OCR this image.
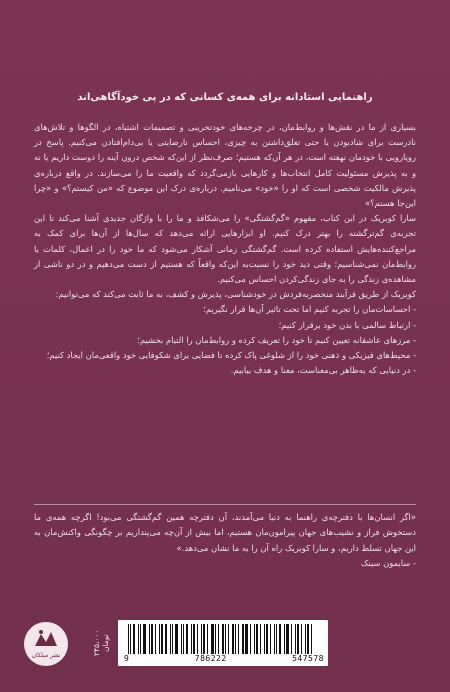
راهنمایی استادانه برای همه‌ی کسانی که در پی خودآگاهی‌اند

بسیاری از ما در نقش‌ها و روابط‌مان، در چرخه‌های خودتخریبی و تصمیمات اشتباه، در الگوها و تلاش‌های نادرست برای شادبودن یا حتی تعلق‌داشتن به چیزی، احساس نارضایتی یا بی‌دام‌افتادن می‌کنیم. پاسخ در رویارویی با خودمان نهفته است، در هر آن‌که هستیم؛ صرف‌نظر از این‌که شخص درون آینه را دوست داریم یا نه و به پذیرش مسئولیت کامل انتخاب‌ها و کارهایی بازمی‌گردد که واقعیت ما را می‌سازند. در واقع درباره‌ی پذیرش مالکیت شخصی است که او را «خود» می‌نامیم. درباره‌ی درک این موضوع که «من کیستم؟» و «چرا این‌جا هستم؟»

سارا کوبریک در این کتاب، مفهوم «گم‌گشتگی» را می‌شکافد و ما را با واژگان جدیدی آشنا می‌کند تا این تجربه‌ی گم‌ترگشته را بهتر درک کنیم. او ابزارهایی ارائه می‌دهد که سال‌ها از آن‌ها برای کمک به مراجع‌کننده‌هایش استفاده کرده است. گم‌گشتگی زمانی آشکار می‌شود که ما خود را در اعمال، کلمات یا روابط‌مان نمی‌شناسیم؛ وقتی دید خود را نسبت‌به این‌که واقعاً که هستیم از دست می‌دهیم و در دو ناشی از مشاهده‌ی زندگی را به جای زندگی‌کردن احساس می‌کنیم.

کوبریک از طریق فرآیند منحصربه‌فردش در خودشناسی، پذیرش و کشف، به ما ثابت می‌کند که می‌توانیم:

- احساسات‌مان را تجربه کنیم اما تحت تاثیر آن‌ها قرار نگیریم؛
- ارتباط سالمی با بدن خود برقرار کنیم؛
- مرزهای عاشقانه تعیین کنیم تا خود را تعریف کرده و روابط‌مان را التیام بخشیم؛
- محیط‌های فیزیکی و ذهنی خود را از شلوغی پاک کرده تا فضایی برای شکوفایی خود واقعی‌مان ایجاد کنیم؛
- در دنیایی که به‌ظاهر بی‌معناست، معنا و هدف بیابیم.

«اگر انسان‌ها با دفترچه‌ی راهنما به دنیا می‌آمدند، آن دفترچه همین گم‌گشتگی می‌بود! اگرچه همه‌ی ما دستخوش فراز و نشیب‌های جهان پیرامون‌مان هستیم، اما بیش از آن‌چه می‌پنداریم بر چگونگی واکنش‌مان به این جهان تسلط داریم، و سارا کوبریک راه آن را به ما نشان می‌دهد.»

- سایمون سینک

نشر میلکان	۲۴۵،۰۰۰ تومان
9	786222	547578
